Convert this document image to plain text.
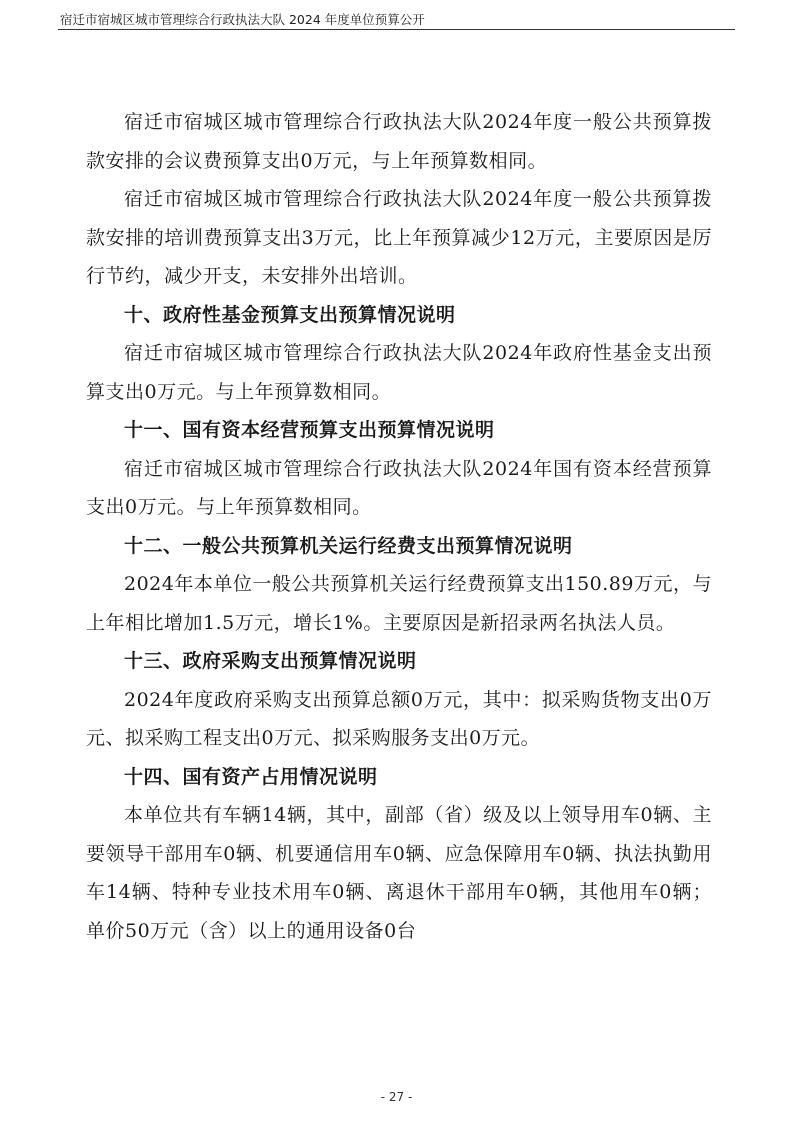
宿迁市宿城区城市管理综合行政执法大队 2024 年度单位预算公开

宿迁市宿城区城市管理综合行政执法大队2024年度一般公共预算拨款安排的会议费预算支出0万元，与上年预算数相同。

宿迁市宿城区城市管理综合行政执法大队2024年度一般公共预算拨款安排的培训费预算支出3万元，比上年预算减少12万元，主要原因是厉行节约，减少开支，未安排外出培训。

十、政府性基金预算支出预算情况说明

宿迁市宿城区城市管理综合行政执法大队2024年政府性基金支出预算支出0万元。与上年预算数相同。

十一、国有资本经营预算支出预算情况说明

宿迁市宿城区城市管理综合行政执法大队2024年国有资本经营预算支出0万元。与上年预算数相同。

十二、一般公共预算机关运行经费支出预算情况说明

2024年本单位一般公共预算机关运行经费预算支出150.89万元，与上年相比增加1.5万元，增长1%。主要原因是新招录两名执法人员。

十三、政府采购支出预算情况说明

2024年度政府采购支出预算总额0万元，其中：拟采购货物支出0万元、拟采购工程支出0万元、拟采购服务支出0万元。

十四、国有资产占用情况说明

本单位共有车辆14辆，其中，副部（省）级及以上领导用车0辆、主要领导干部用车0辆、机要通信用车0辆、应急保障用车0辆、执法执勤用车14辆、特种专业技术用车0辆、离退休干部用车0辆，其他用车0辆；单价50万元（含）以上的通用设备0台

- 27 -
